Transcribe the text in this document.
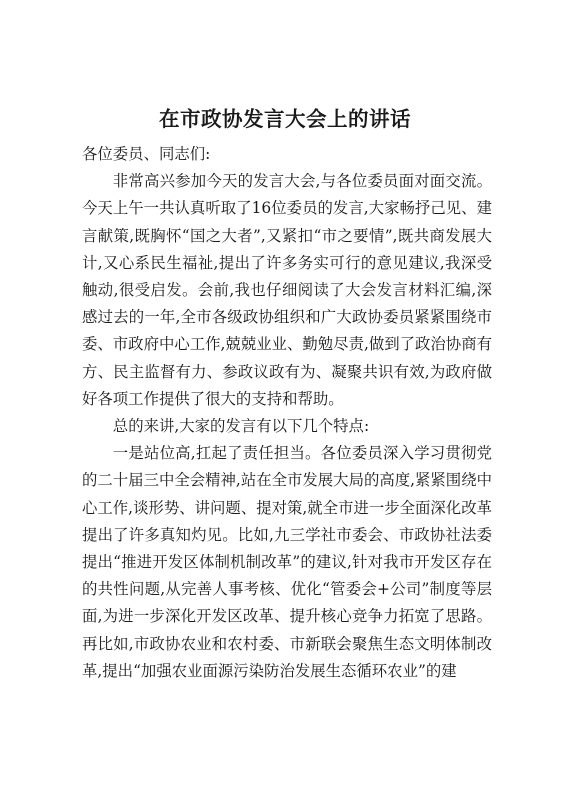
在市政协发言大会上的讲话

各位委员、同志们:

非常高兴参加今天的发言大会,与各位委员面对面交流。今天上午一共认真听取了16位委员的发言,大家畅抒己见、建言献策,既胸怀“国之大者”,又紧扣“市之要情”,既共商发展大计,又心系民生福祉,提出了许多务实可行的意见建议,我深受触动,很受启发。会前,我也仔细阅读了大会发言材料汇编,深感过去的一年,全市各级政协组织和广大政协委员紧紧围绕市委、市政府中心工作,兢兢业业、勤勉尽责,做到了政治协商有方、民主监督有力、参政议政有为、凝聚共识有效,为政府做好各项工作提供了很大的支持和帮助。

总的来讲,大家的发言有以下几个特点:

一是站位高,扛起了责任担当。各位委员深入学习贯彻党的二十届三中全会精神,站在全市发展大局的高度,紧紧围绕中心工作,谈形势、讲问题、提对策,就全市进一步全面深化改革提出了许多真知灼见。比如,九三学社市委会、市政协社法委提出“推进开发区体制机制改革”的建议,针对我市开发区存在的共性问题,从完善人事考核、优化“管委会+公司”制度等层面,为进一步深化开发区改革、提升核心竞争力拓宽了思路。再比如,市政协农业和农村委、市新联会聚焦生态文明体制改革,提出“加强农业面源污染防治发展生态循环农业”的建
